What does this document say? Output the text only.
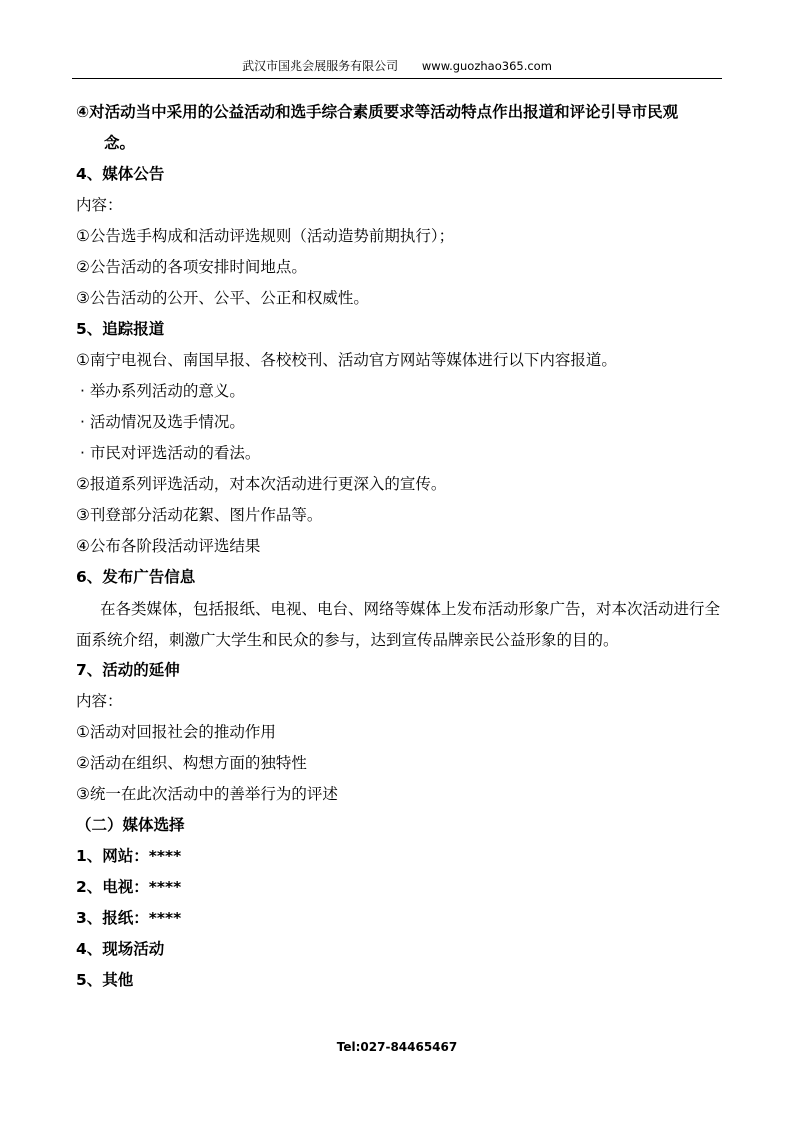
武汉市国兆会展服务有限公司 www.guozhao365.com
④对活动当中采用的公益活动和选手综合素质要求等活动特点作出报道和评论引导市民观
念。
4、媒体公告
内容：
①公告选手构成和活动评选规则（活动造势前期执行）；
②公告活动的各项安排时间地点。
③公告活动的公开、公平、公正和权威性。
5、追踪报道
①南宁电视台、南国早报、各校校刊、活动官方网站等媒体进行以下内容报道。
· 举办系列活动的意义。
· 活动情况及选手情况。
· 市民对评选活动的看法。
②报道系列评选活动，对本次活动进行更深入的宣传。
③刊登部分活动花絮、图片作品等。
④公布各阶段活动评选结果
6、发布广告信息
在各类媒体，包括报纸、电视、电台、网络等媒体上发布活动形象广告，对本次活动进行全面系统介绍，刺激广大学生和民众的参与，达到宣传品牌亲民公益形象的目的。
7、活动的延伸
内容：
①活动对回报社会的推动作用
②活动在组织、构想方面的独特性
③统一在此次活动中的善举行为的评述
（二）媒体选择
1、网站：****
2、电视：****
3、报纸：****
4、现场活动
5、其他
Tel:027-84465467
